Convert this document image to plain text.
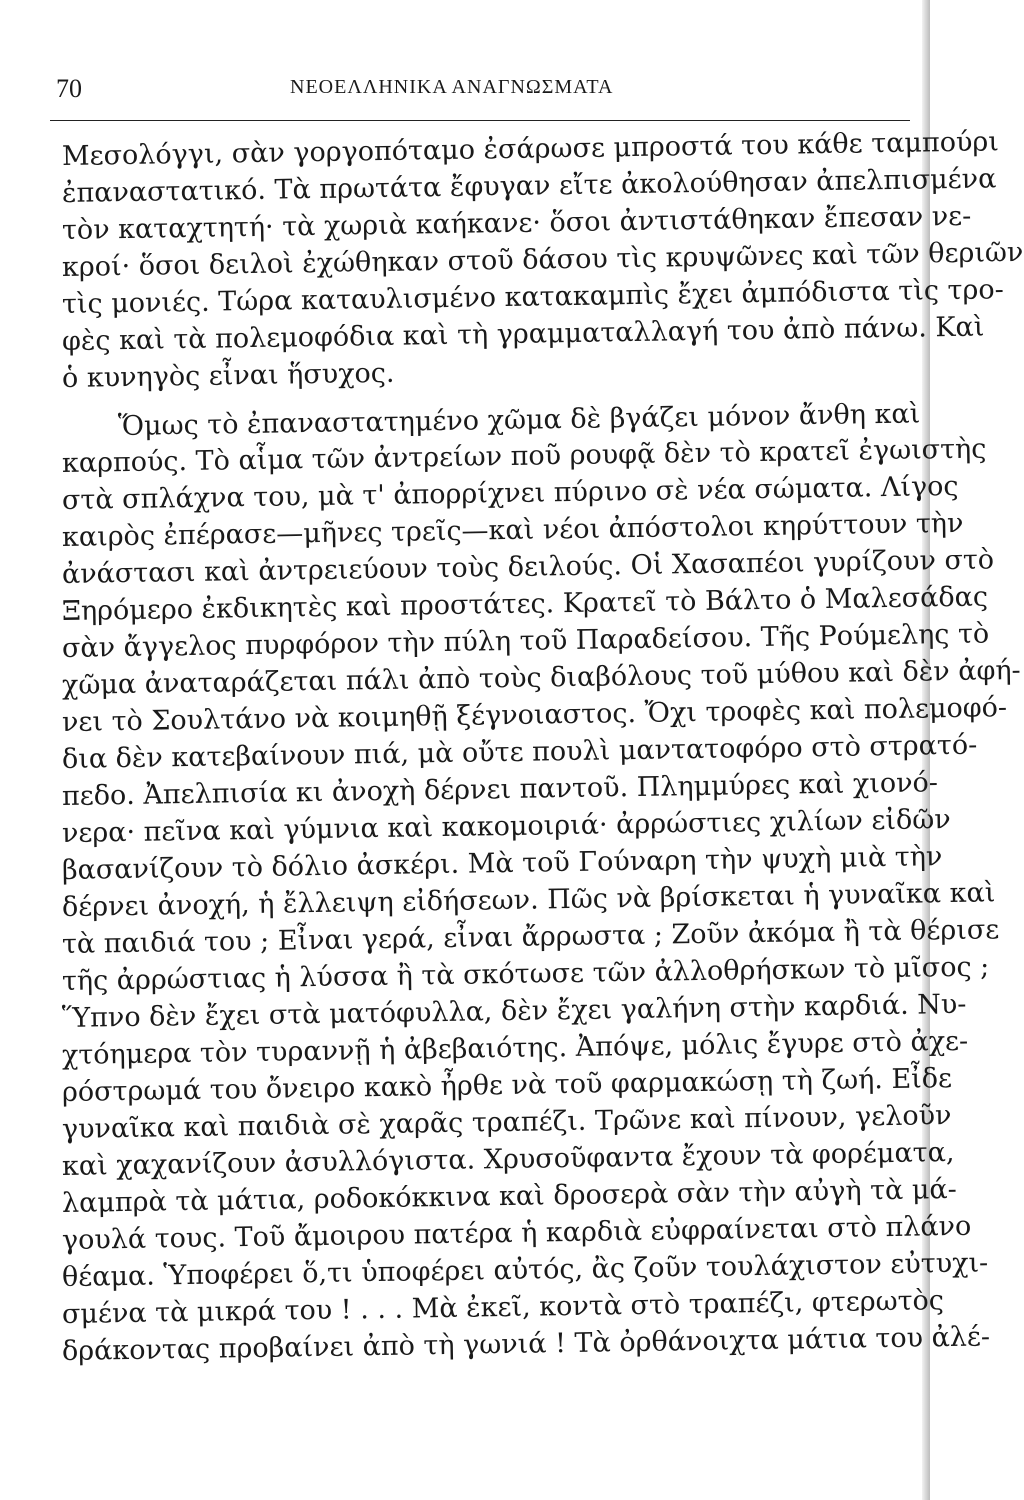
70	ΝΕΟΕΛΛΗΝΙΚΑ ΑΝΑΓΝΩΣΜΑΤΑ
Μεσολόγγι, σὰν γοργοπόταμο ἐσάρωσε μπροστά του κάθε ταμπούρι
ἐπαναστατικό. Τὰ πρωτάτα ἔφυγαν εἴτε ἀκολούθησαν ἀπελπισμένα
τὸν καταχτητή· τὰ χωριὰ καήκανε· ὅσοι ἀντιστάθηκαν ἔπεσαν νε-
κροί· ὅσοι δειλοὶ ἐχώθηκαν στοῦ δάσου τὶς κρυψῶνες καὶ τῶν θεριῶν
τὶς μονιές. Τώρα καταυλισμένο κατακαμπὶς ἔχει ἀμπόδιστα τὶς τρο-
φὲς καὶ τὰ πολεμοφόδια καὶ τὴ γραμματαλλαγή του ἀπὸ πάνω. Καὶ
ὁ κυνηγὸς εἶναι ἥσυχος.
Ὅμως τὸ ἐπαναστατημένο χῶμα δὲ βγάζει μόνον ἄνθη καὶ
καρπούς. Τὸ αἷμα τῶν ἀντρείων ποῦ ρουφᾷ δὲν τὸ κρατεῖ ἐγωιστὴς
στὰ σπλάχνα του, μὰ τ' ἀπορρίχνει πύρινο σὲ νέα σώματα. Λίγος
καιρὸς ἐπέρασε—μῆνες τρεῖς—καὶ νέοι ἀπόστολοι κηρύττουν τὴν
ἀνάστασι καὶ ἀντρειεύουν τοὺς δειλούς. Οἱ Χασαπέοι γυρίζουν στὸ
Ξηρόμερο ἐκδικητὲς καὶ προστάτες. Κρατεῖ τὸ Βάλτο ὁ Μαλεσάδας
σὰν ἄγγελος πυρφόρον τὴν πύλη τοῦ Παραδείσου. Τῆς Ρούμελης τὸ
χῶμα ἀναταράζεται πάλι ἀπὸ τοὺς διαβόλους τοῦ μύθου καὶ δὲν ἀφή-
νει τὸ Σουλτάνο νὰ κοιμηθῇ ξέγνοιαστος. Ὄχι τροφὲς καὶ πολεμοφό-
δια δὲν κατεβαίνουν πιά, μὰ οὔτε πουλὶ μαντατοφόρο στὸ στρατό-
πεδο. Ἀπελπισία κι ἀνοχὴ δέρνει παντοῦ. Πλημμύρες καὶ χιονό-
νερα· πεῖνα καὶ γύμνια καὶ κακομοιριά· ἀρρώστιες χιλίων εἰδῶν
βασανίζουν τὸ δόλιο ἀσκέρι. Μὰ τοῦ Γούναρη τὴν ψυχὴ μιὰ τὴν
δέρνει ἀνοχή, ἡ ἔλλειψη εἰδήσεων. Πῶς νὰ βρίσκεται ἡ γυναῖκα καὶ
τὰ παιδιά του ; Εἶναι γερά, εἶναι ἄρρωστα ; Ζοῦν ἀκόμα ἢ τὰ θέρισε
τῆς ἀρρώστιας ἡ λύσσα ἢ τὰ σκότωσε τῶν ἀλλοθρήσκων τὸ μῖσος ;
Ὕπνο δὲν ἔχει στὰ ματόφυλλα, δὲν ἔχει γαλήνη στὴν καρδιά. Νυ-
χτόημερα τὸν τυραννῇ ἡ ἀβεβαιότης. Ἀπόψε, μόλις ἔγυρε στὸ ἀχε-
ρόστρωμά του ὄνειρο κακὸ ἦρθε νὰ τοῦ φαρμακώσῃ τὴ ζωή. Εἶδε
γυναῖκα καὶ παιδιὰ σὲ χαρᾶς τραπέζι. Τρῶνε καὶ πίνουν, γελοῦν
καὶ χαχανίζουν ἀσυλλόγιστα. Χρυσοῦφαντα ἔχουν τὰ φορέματα,
λαμπρὰ τὰ μάτια, ροδοκόκκινα καὶ δροσερὰ σὰν τὴν αὐγὴ τὰ μά-
γουλά τους. Τοῦ ἄμοιρου πατέρα ἡ καρδιὰ εὐφραίνεται στὸ πλάνο
θέαμα. Ὑποφέρει ὅ,τι ὑποφέρει αὐτός, ἂς ζοῦν τουλάχιστον εὐτυχι-
σμένα τὰ μικρά του ! . . . Μὰ ἐκεῖ, κοντὰ στὸ τραπέζι, φτερωτὸς
δράκοντας προβαίνει ἀπὸ τὴ γωνιά ! Τὰ ὀρθάνοιχτα μάτια του ἀλέ-
